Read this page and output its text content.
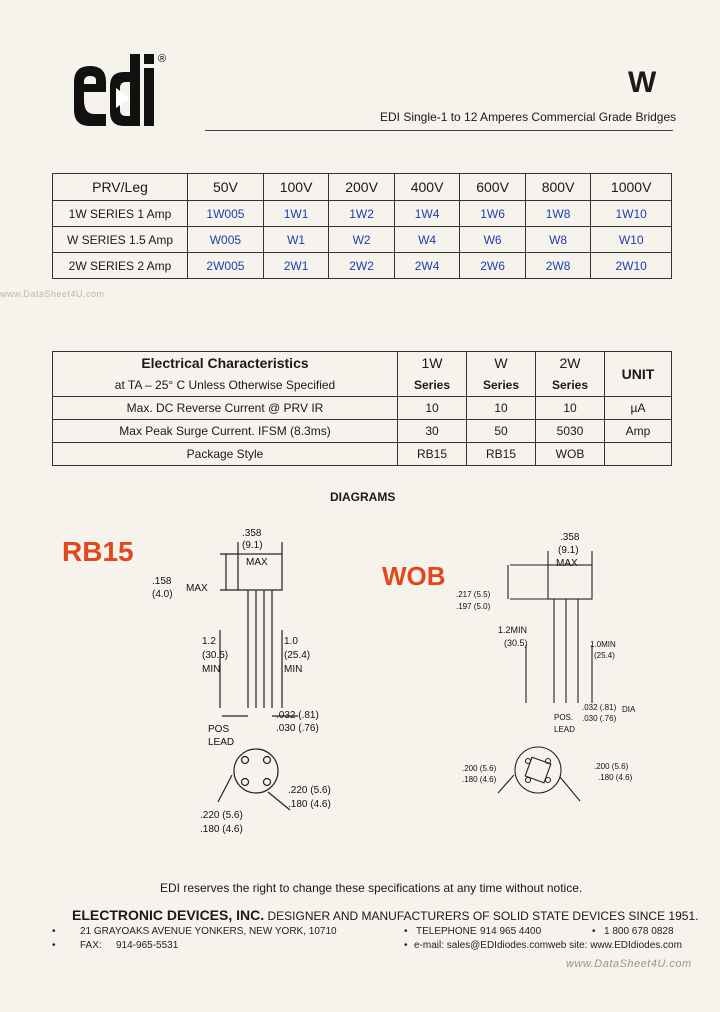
®
W
EDI Single-1 to 12 Amperes Commercial Grade Bridges
PRV/Leg	50V	100V	200V	400V	600V	800V	1000V
1W SERIES 1 Amp	1W005	1W1	1W2	1W4	1W6	1W8	1W10
W SERIES 1.5 Amp	W005	W1	W2	W4	W6	W8	W10
2W SERIES 2 Amp	2W005	2W1	2W2	2W4	2W6	2W8	2W10
www.DataSheet4U.com
Electrical Characteristics	1W	W	2W	UNIT
at TA – 25° C Unless Otherwise Specified	Series	Series	Series	
Max. DC Reverse Current @ PRV IR	10	10	10	µA
Max Peak Surge Current. IFSM (8.3ms)	30	50	5030	Amp
Package Style	RB15	RB15	WOB	
DIAGRAMS
RB15
WOB
.358
(9.1)
MAX
.158
(4.0)
MAX
1.2
(30.5)
MIN
1.0
(25.4)
MIN
.032 (.81)
.030 (.76)
POS
LEAD
.220 (5.6)
.180 (4.6)
.220 (5.6)
.180 (4.6)
.358
(9.1)
MAX
.217 (5.5)
.197 (5.0)
1.2MIN
(30.5)	1.0MIN
(25.4)
.032 (.81)
.030 (.76)
DIA
POS.
LEAD
.200 (5.6)
.180 (4.6)
.200 (5.6)
.180 (4.6)
EDI reserves the right to change these specifications at any time without notice.
ELECTRONIC DEVICES, INC. DESIGNER AND MANUFACTURERS OF SOLID STATE DEVICES SINCE 1951.
• 21 GRAYOAKS AVENUE YONKERS, NEW YORK, 10710	• TELEPHONE 914 965 4400	• 1 800 678 0828
• FAX: 914-965-5531	• e-mail: sales@EDIdiodes.com web site: www.EDIdiodes.com
www.DataSheet4U.com
